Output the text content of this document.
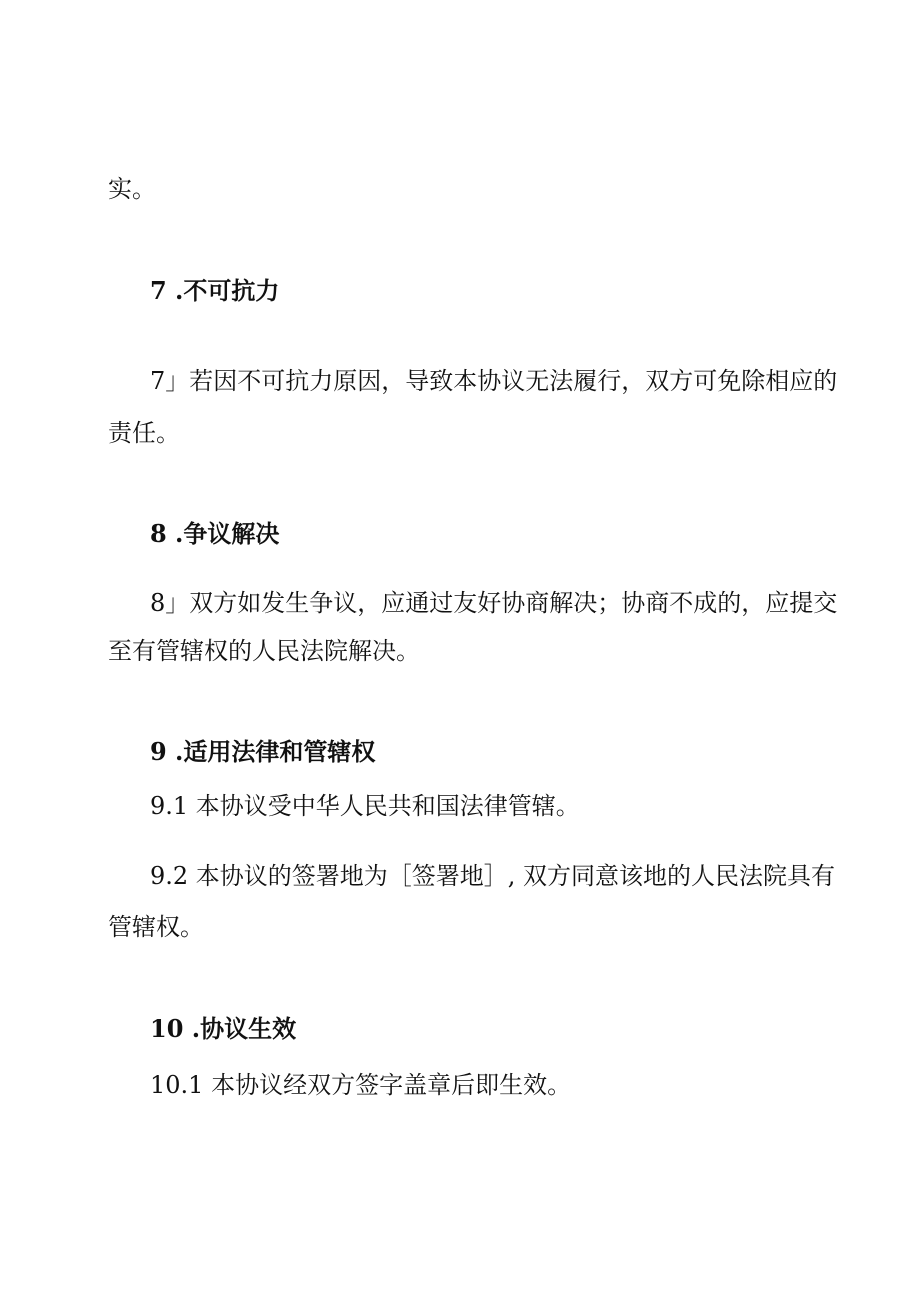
实。

7 .不可抗力

7」若因不可抗力原因，导致本协议无法履行，双方可免除相应的

责任。

8 .争议解决

8」双方如发生争议，应通过友好协商解决；协商不成的，应提交

至有管辖权的人民法院解决。

9 .适用法律和管辖权

9.1 本协议受中华人民共和国法律管辖。

9.2 本协议的签署地为［签署地］, 双方同意该地的人民法院具有

管辖权。

10 .协议生效

10.1 本协议经双方签字盖章后即生效。
